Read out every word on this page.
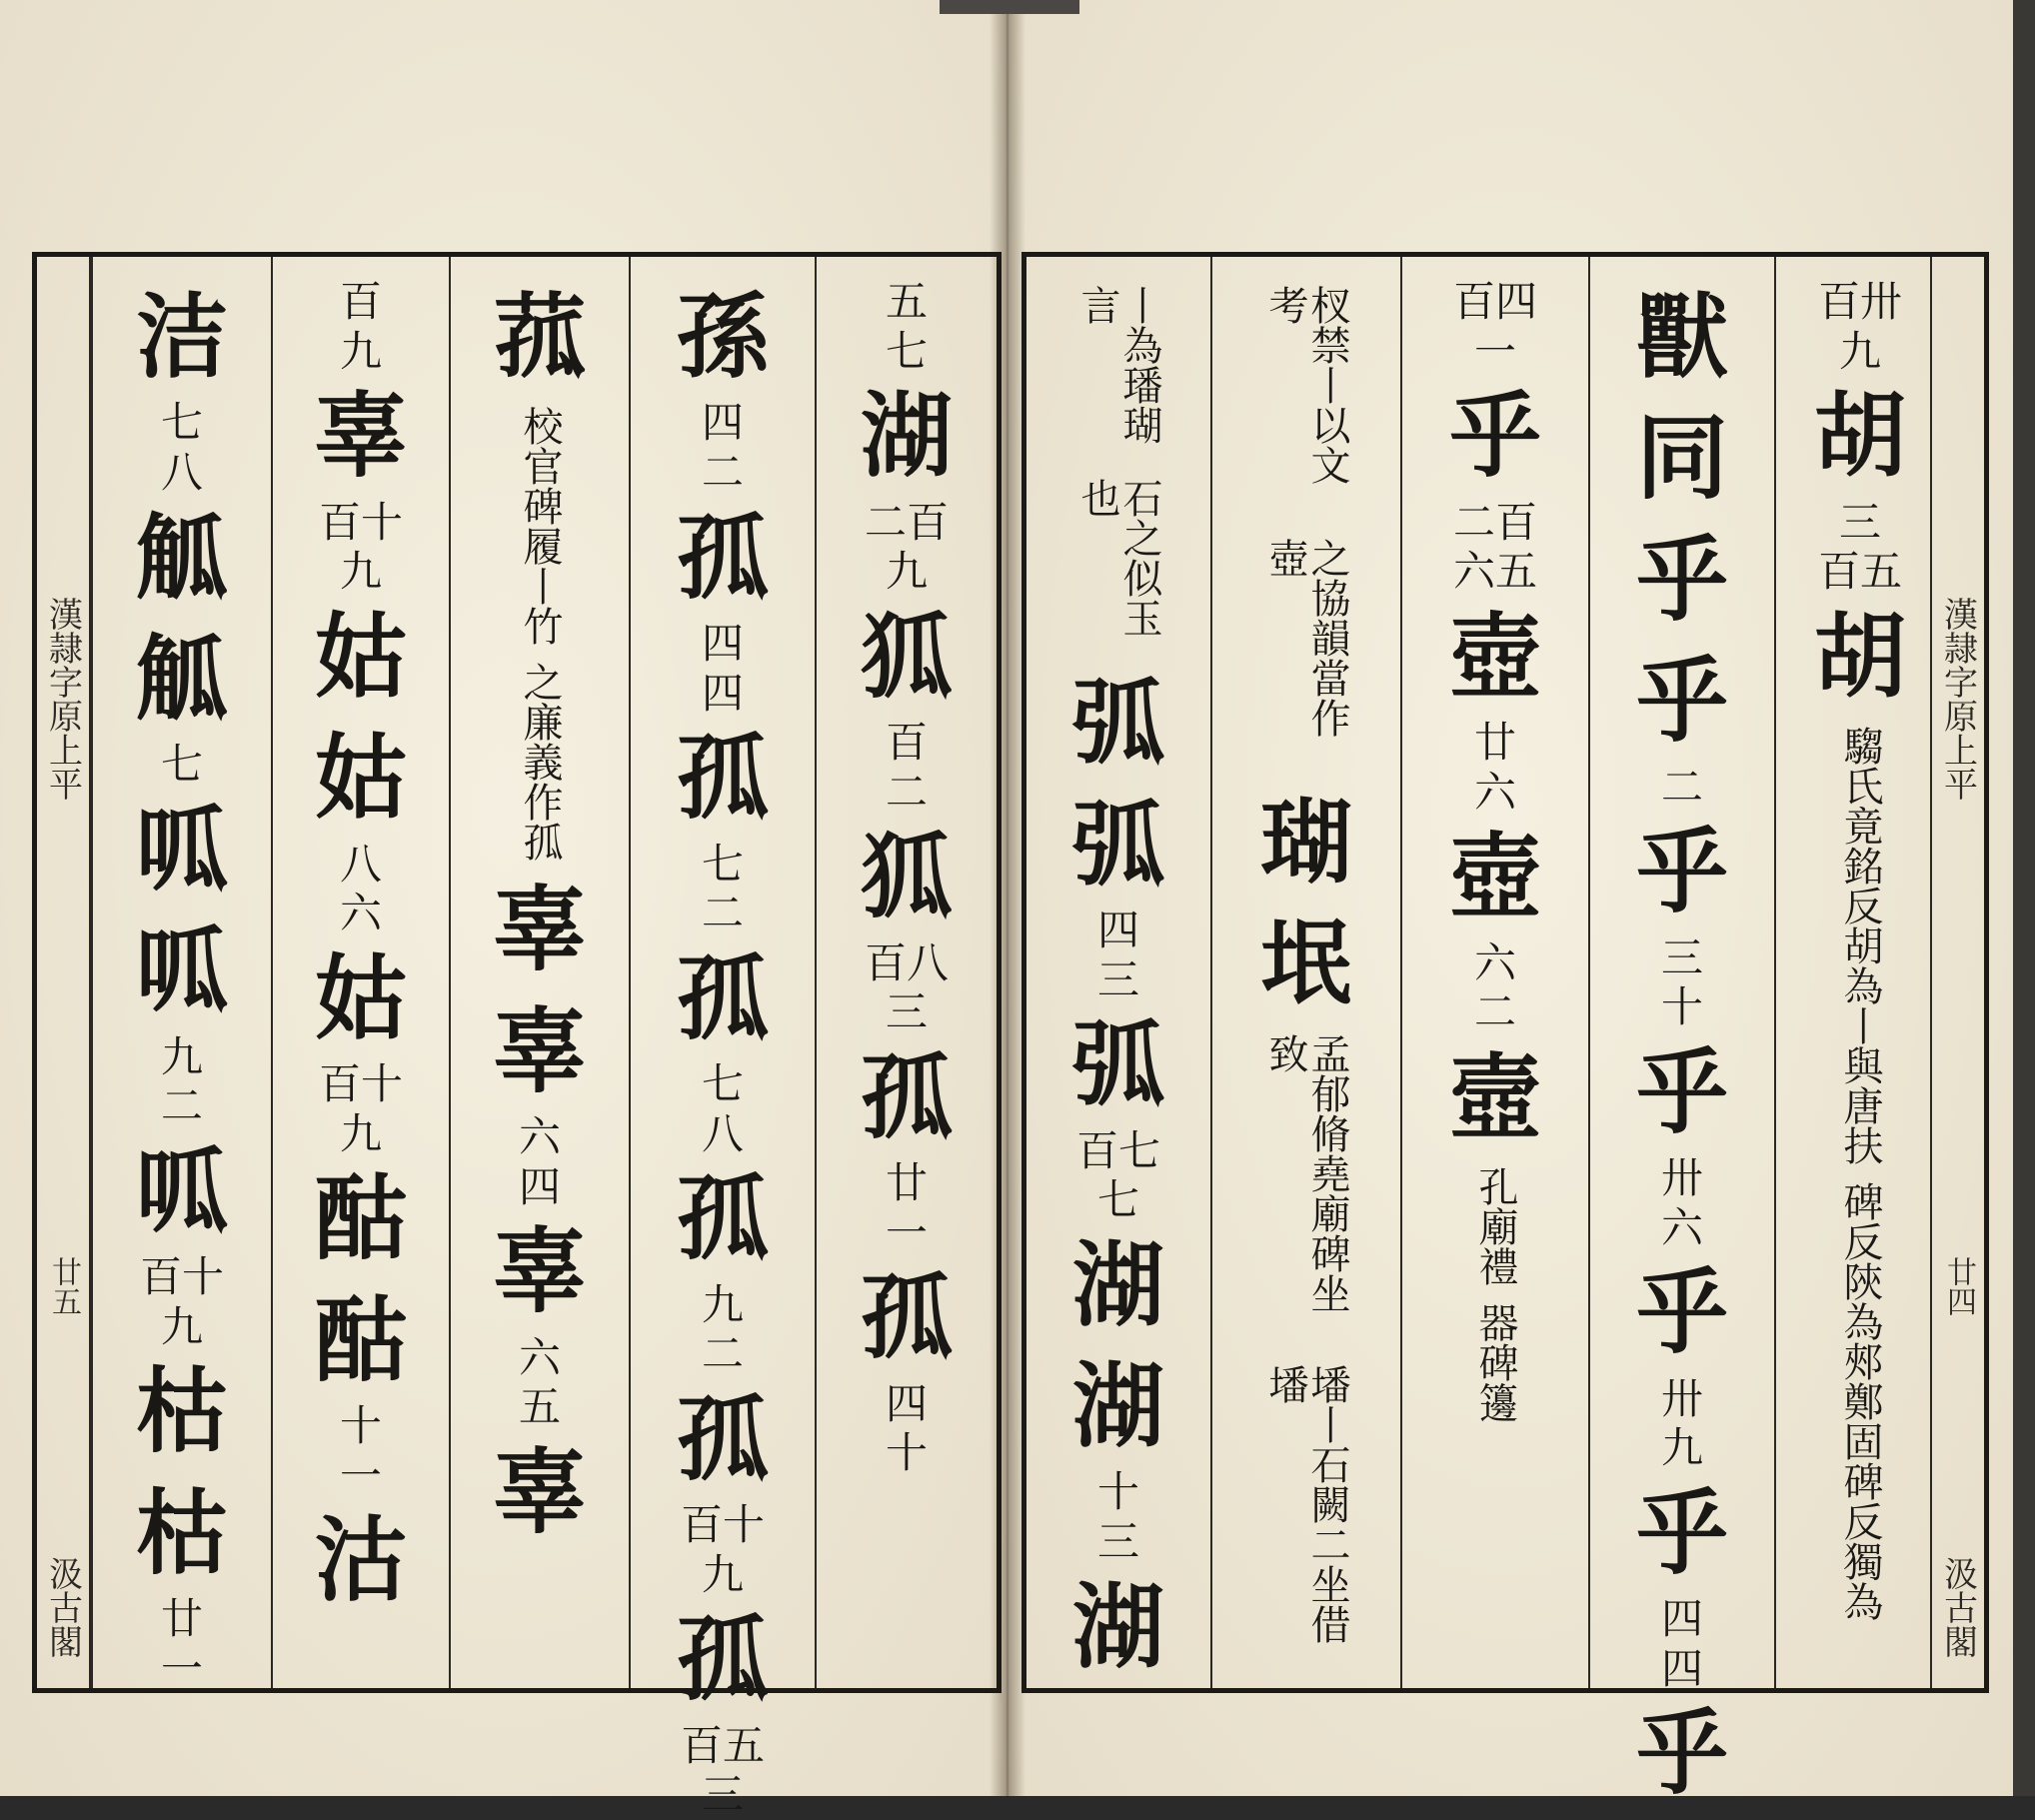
漢隷字原上平
廿五
汲古閣
洁
七
八
觚
觚
七
呱
呱
九
二
呱
百十
九
枯
枯
廿
一
百
九
辜
百十
九
姑
姑
八
六
姑
百十
九
酤
酤
十
一
沽
菰
校官碑履丨竹
之廉義作孤
辜
辜
六
四
辜
六
五
辜
孫
四
二
孤
四
四
孤
七
二
孤
七
八
孤
九
二
孤
百十
九
孤
百五
三
五
七
湖
二百
九
狐
百
二
狐
百八
三
孤
廿
一
孤
四
十
丨為璠瑚言
石之似玉也
弧
弧
四
三
弧
百七
七
湖
湖
十
三
湖
杈禁丨以文考
之協韻當作壺
瑚
垊
孟郁脩堯廟碑坐致
墦丨石闕二坐借墦
百四
一
乎
二百
六五
壺
廿
六
壺
六
二
壼
孔廟禮
器碑籩
獸
同
乎
乎
二
乎
三
十
乎
卅
六
乎
卅
九
乎
四
四
乎
百卅
九
胡
三
百五
胡
騶氏竟銘反胡為丨與唐扶
碑反陝為郟鄭固碑反獨為
漢隷字原上平
廿四
汲古閣
